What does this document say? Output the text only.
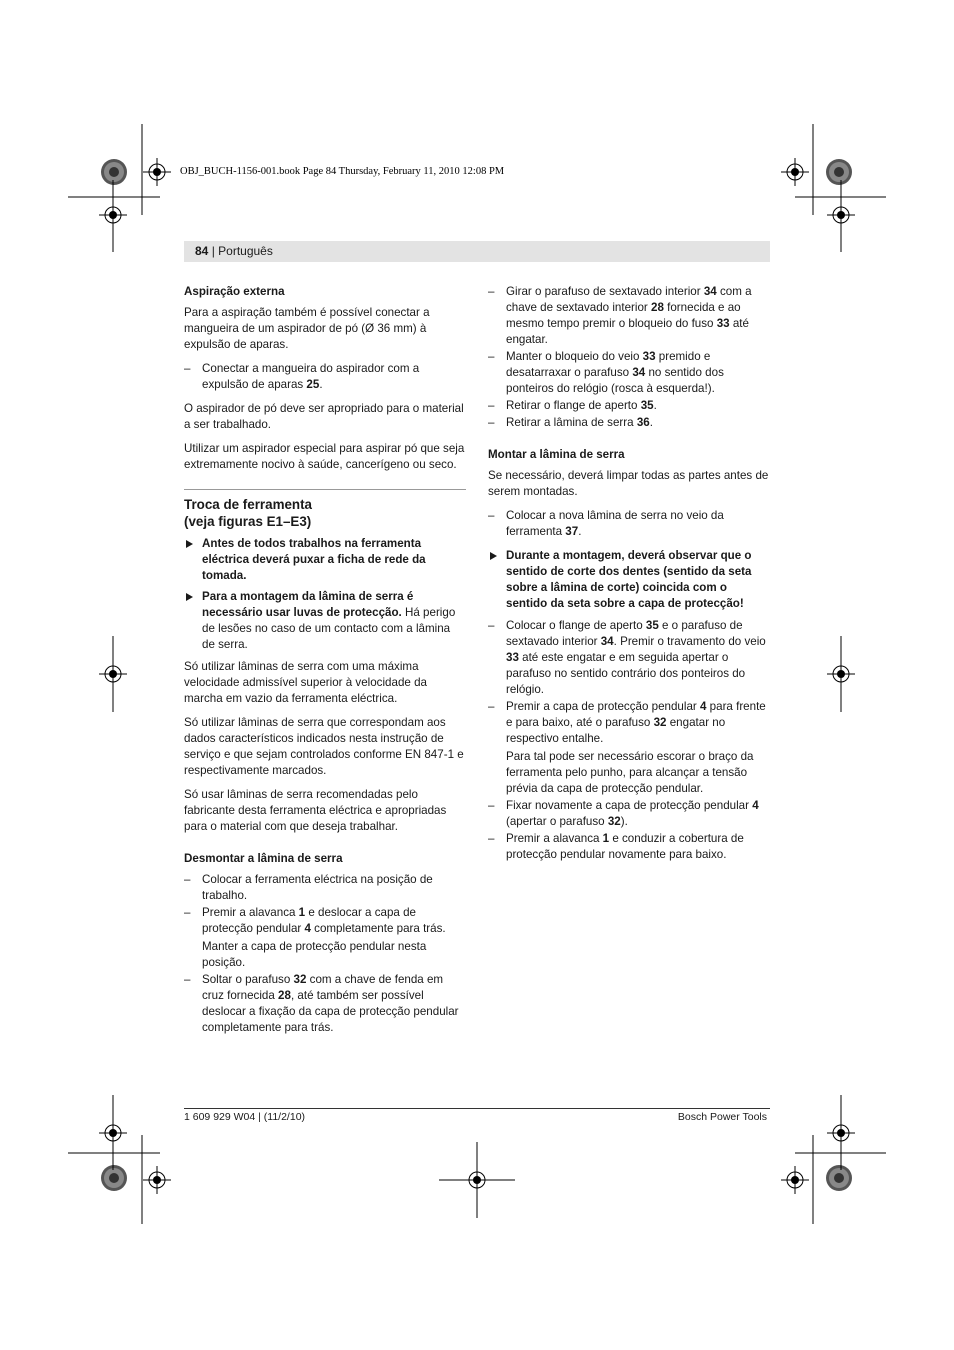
OBJ_BUCH-1156-001.book Page 84 Thursday, February 11, 2010 12:08 PM
84 | Português
Aspiração externa

Para a aspiração também é possível conectar a mangueira de um aspirador de pó (Ø 36 mm) à expulsão de aparas.

– Conectar a mangueira do aspirador com a expulsão de aparas 25.

O aspirador de pó deve ser apropriado para o material a ser trabalhado.

Utilizar um aspirador especial para aspirar pó que seja extremamente nocivo à saúde, cancerígeno ou seco.

Troca de ferramenta
(veja figuras E1–E3)
Antes de todos trabalhos na ferramenta eléctrica deverá puxar a ficha de rede da tomada.
Para a montagem da lâmina de serra é necessário usar luvas de protecção. Há perigo de lesões no caso de um contacto com a lâmina de serra.

Só utilizar lâminas de serra com uma máxima velocidade admissível superior à velocidade da marcha em vazio da ferramenta eléctrica.

Só utilizar lâminas de serra que correspondam aos dados característicos indicados nesta instrução de serviço e que sejam controlados conforme EN 847-1 e respectivamente marcados.

Só usar lâminas de serra recomendadas pelo fabricante desta ferramenta eléctrica e apropriadas para o material com que deseja trabalhar.

Desmontar a lâmina de serra
– Colocar a ferramenta eléctrica na posição de trabalho.
– Premir a alavanca 1 e deslocar a capa de protecção pendular 4 completamente para trás.
Manter a capa de protecção pendular nesta posição.
– Soltar o parafuso 32 com a chave de fenda em cruz fornecida 28, até também ser possível deslocar a fixação da capa de protecção pendular completamente para trás.
– Girar o parafuso de sextavado interior 34 com a chave de sextavado interior 28 fornecida e ao mesmo tempo premir o bloqueio do fuso 33 até engatar.
– Manter o bloqueio do veio 33 premido e desatarraxar o parafuso 34 no sentido dos ponteiros do relógio (rosca à esquerda!).
– Retirar o flange de aperto 35.
– Retirar a lâmina de serra 36.
Montar a lâmina de serra

Se necessário, deverá limpar todas as partes antes de serem montadas.

– Colocar a nova lâmina de serra no veio da ferramenta 37.
Durante a montagem, deverá observar que o sentido de corte dos dentes (sentido da seta sobre a lâmina de corte) coincida com o sentido da seta sobre a capa de protecção!
– Colocar o flange de aperto 35 e o parafuso de sextavado interior 34. Premir o travamento do veio 33 até este engatar e em seguida apertar o parafuso no sentido contrário dos ponteiros do relógio.
– Premir a capa de protecção pendular 4 para frente e para baixo, até o parafuso 32 engatar no respectivo entalhe.
Para tal pode ser necessário escorar o braço da ferramenta pelo punho, para alcançar a tensão prévia da capa de protecção pendular.
– Fixar novamente a capa de protecção pendular 4 (apertar o parafuso 32).
– Premir a alavanca 1 e conduzir a cobertura de protecção pendular novamente para baixo.
1 609 929 W04 | (11/2/10)	Bosch Power Tools
